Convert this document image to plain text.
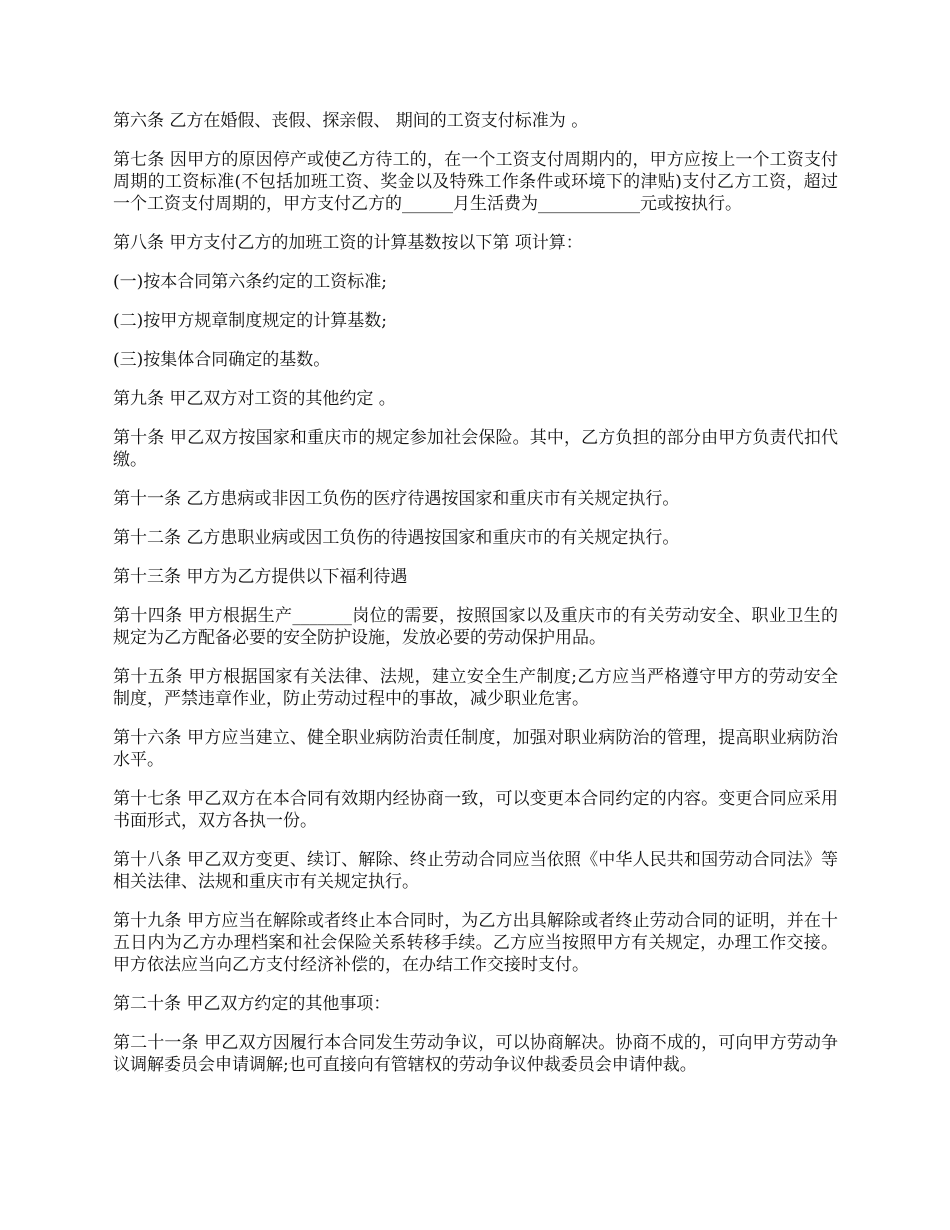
第六条 乙方在婚假、丧假、探亲假、 期间的工资支付标准为 。

第七条 因甲方的原因停产或使乙方待工的，在一个工资支付周期内的，甲方应按上一个工资支付周期的工资标准(不包括加班工资、奖金以及特殊工作条件或环境下的津贴)支付乙方工资，超过一个工资支付周期的，甲方支付乙方的______月生活费为____________元或按执行。

第八条 甲方支付乙方的加班工资的计算基数按以下第 项计算：

(一)按本合同第六条约定的工资标准;

(二)按甲方规章制度规定的计算基数;

(三)按集体合同确定的基数。

第九条 甲乙双方对工资的其他约定 。

第十条 甲乙双方按国家和重庆市的规定参加社会保险。其中，乙方负担的部分由甲方负责代扣代缴。

第十一条 乙方患病或非因工负伤的医疗待遇按国家和重庆市有关规定执行。

第十二条 乙方患职业病或因工负伤的待遇按国家和重庆市的有关规定执行。

第十三条 甲方为乙方提供以下福利待遇

第十四条 甲方根据生产_______岗位的需要，按照国家以及重庆市的有关劳动安全、职业卫生的规定为乙方配备必要的安全防护设施，发放必要的劳动保护用品。

第十五条 甲方根据国家有关法律、法规，建立安全生产制度;乙方应当严格遵守甲方的劳动安全制度，严禁违章作业，防止劳动过程中的事故，减少职业危害。

第十六条 甲方应当建立、健全职业病防治责任制度，加强对职业病防治的管理，提高职业病防治水平。

第十七条 甲乙双方在本合同有效期内经协商一致，可以变更本合同约定的内容。变更合同应采用书面形式，双方各执一份。

第十八条 甲乙双方变更、续订、解除、终止劳动合同应当依照《中华人民共和国劳动合同法》等相关法律、法规和重庆市有关规定执行。

第十九条 甲方应当在解除或者终止本合同时，为乙方出具解除或者终止劳动合同的证明，并在十五日内为乙方办理档案和社会保险关系转移手续。乙方应当按照甲方有关规定，办理工作交接。甲方依法应当向乙方支付经济补偿的，在办结工作交接时支付。

第二十条 甲乙双方约定的其他事项：

第二十一条 甲乙双方因履行本合同发生劳动争议，可以协商解决。协商不成的，可向甲方劳动争议调解委员会申请调解;也可直接向有管辖权的劳动争议仲裁委员会申请仲裁。
